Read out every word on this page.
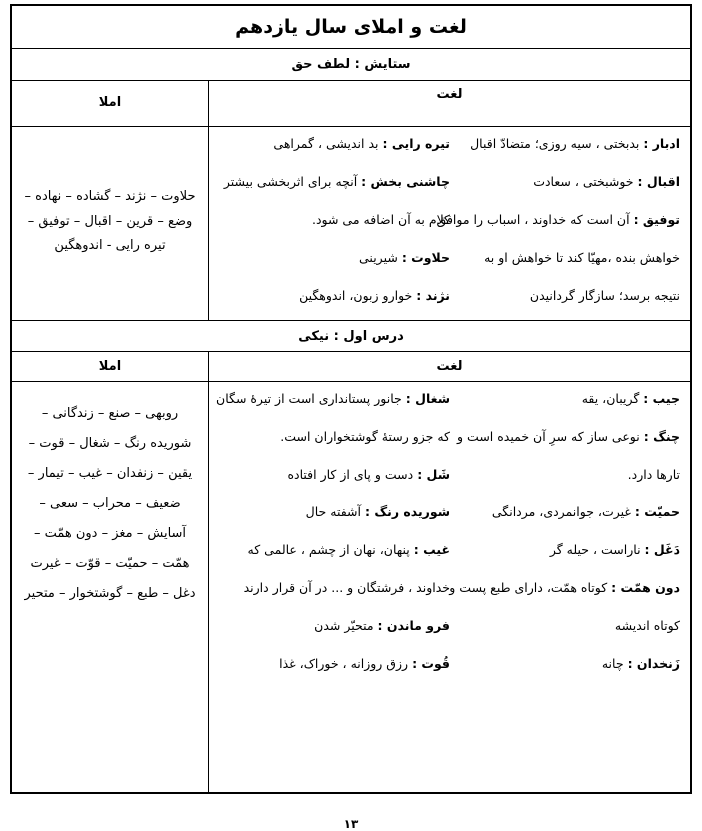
لغت و املای سال یازدهم
ستایش : لطف حق
لغت
املا
ادبار : بدبختی ، سیه روزی؛ متضادّ اقبال
اقبال : خوشبختی ، سعادت
توفیق : آن است که خداوند ، اسباب را موافق
خواهش بنده ،مهیّا کند تا خواهش او به
نتیجه برسد؛ سازگار گردانیدن
تیره رایی : بد اندیشی ، گمراهی
چاشنی بخش : آنچه برای اثربخشی بیشتر
کلام به آن اضافه می شود.
حلاوت : شیرینی
نژند : خوارو زبون، اندوهگین
حلاوت – نژند – گشاده – نهاده –
وضع – قرین – اقبال – توفیق –
تیره رایی - اندوهگین
درس اول : نیکی
لغت
املا
جیب : گریبان، یقه
چنگ : نوعی ساز که سرِ آن خمیده است و
تارها دارد.
حمیّت : غیرت، جوانمردی، مردانگی
دَغَل : ناراست ، حیله گر
دون همّت : کوتاه همّت، دارای طبع پست و
کوتاه اندیشه
زَنخدان : چانه
شغال : جانور پستانداری است از تیرۀ سگان
که جزو رستۀ گوشتخواران است.
شَل : دست و پای از کار افتاده
شوریده رنگ : آشفته حال
غیب : پنهان، نهان از چشم ، عالمی که
خداوند ، فرشتگان و ... در آن قرار دارند
فرو ماندن : متحیّر شدن
قُوت : رزق روزانه ، خوراک، غذا
روبهی – صنع – زندگانی –
شوریده رنگ – شغال – قوت –
یقین – زنفدان – غیب – تیمار –
ضعیف – محراب – سعی –
آسایش – مغز – دون همّت –
همّت – حمیّت – قوّت – غیرت
دغل – طبع – گوشتخوار – متحیر
۱۳
